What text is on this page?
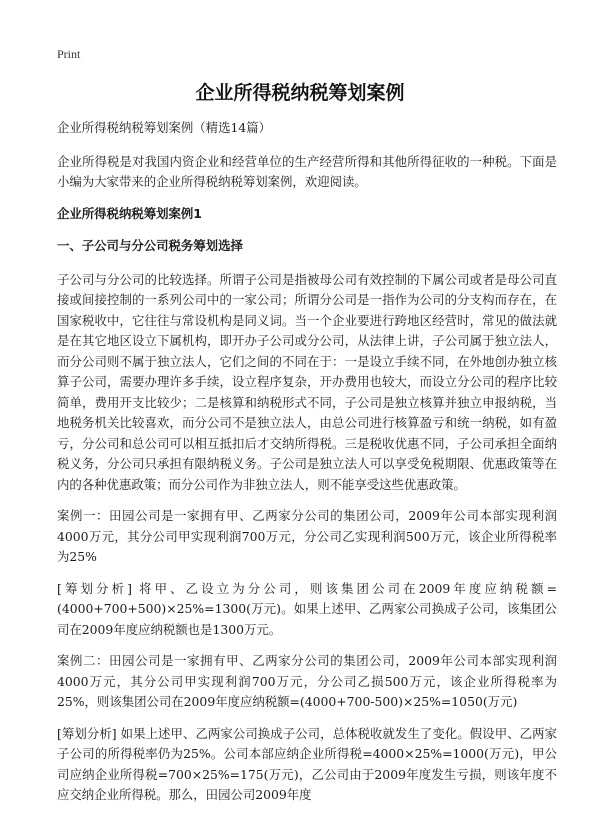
Print
企业所得税纳税筹划案例

企业所得税纳税筹划案例（精选14篇）

企业所得税是对我国内资企业和经营单位的生产经营所得和其他所得征收的一种税。下面是小编为大家带来的企业所得税纳税筹划案例，欢迎阅读。

企业所得税纳税筹划案例1
一、子公司与分公司税务筹划选择

子公司与分公司的比较选择。所谓子公司是指被母公司有效控制的下属公司或者是母公司直接或间接控制的一系列公司中的一家公司；所谓分公司是一指作为公司的分支构而存在，在国家税收中，它往往与常设机构是同义词。当一个企业要进行跨地区经营时，常见的做法就是在其它地区设立下属机构，即开办子公司或分公司，从法律上讲，子公司属于独立法人，而分公司则不属于独立法人，它们之间的不同在于：一是设立手续不同，在外地创办独立核算子公司，需要办理许多手续，设立程序复杂，开办费用也较大，而设立分公司的程序比较简单，费用开支比较少；二是核算和纳税形式不同，子公司是独立核算并独立申报纳税，当地税务机关比较喜欢，而分公司不是独立法人，由总公司进行核算盈亏和统一纳税，如有盈亏，分公司和总公司可以相互抵扣后才交纳所得税。三是税收优惠不同，子公司承担全面纳税义务，分公司只承担有限纳税义务。子公司是独立法人可以享受免税期限、优惠政策等在内的各种优惠政策；而分公司作为非独立法人，则不能享受这些优惠政策。

案例一：田园公司是一家拥有甲、乙两家分公司的集团公司，2009年公司本部实现利润4000万元，其分公司甲实现利润700万元，分公司乙实现利润500万元，该企业所得税率为25%

[筹划分析] 将甲、乙设立为分公司，则该集团公司在2009年度应纳税额=(4000+700+500)×25%=1300(万元)。如果上述甲、乙两家公司换成子公司，该集团公司在2009年度应纳税额也是1300万元。

案例二：田园公司是一家拥有甲、乙两家分公司的集团公司，2009年公司本部实现利润4000万元，其分公司甲实现利润700万元，分公司乙损500万元，该企业所得税率为25%，则该集团公司在2009年度应纳税额=(4000+700-500)×25%=1050(万元)

[筹划分析] 如果上述甲、乙两家公司换成子公司，总体税收就发生了变化。假设甲、乙两家子公司的所得税率仍为25%。公司本部应纳企业所得税=4000×25%=1000(万元)，甲公司应纳企业所得税=700×25%=175(万元)，乙公司由于2009年度发生亏损，则该年度不应交纳企业所得税。那么，田园公司2009年度
